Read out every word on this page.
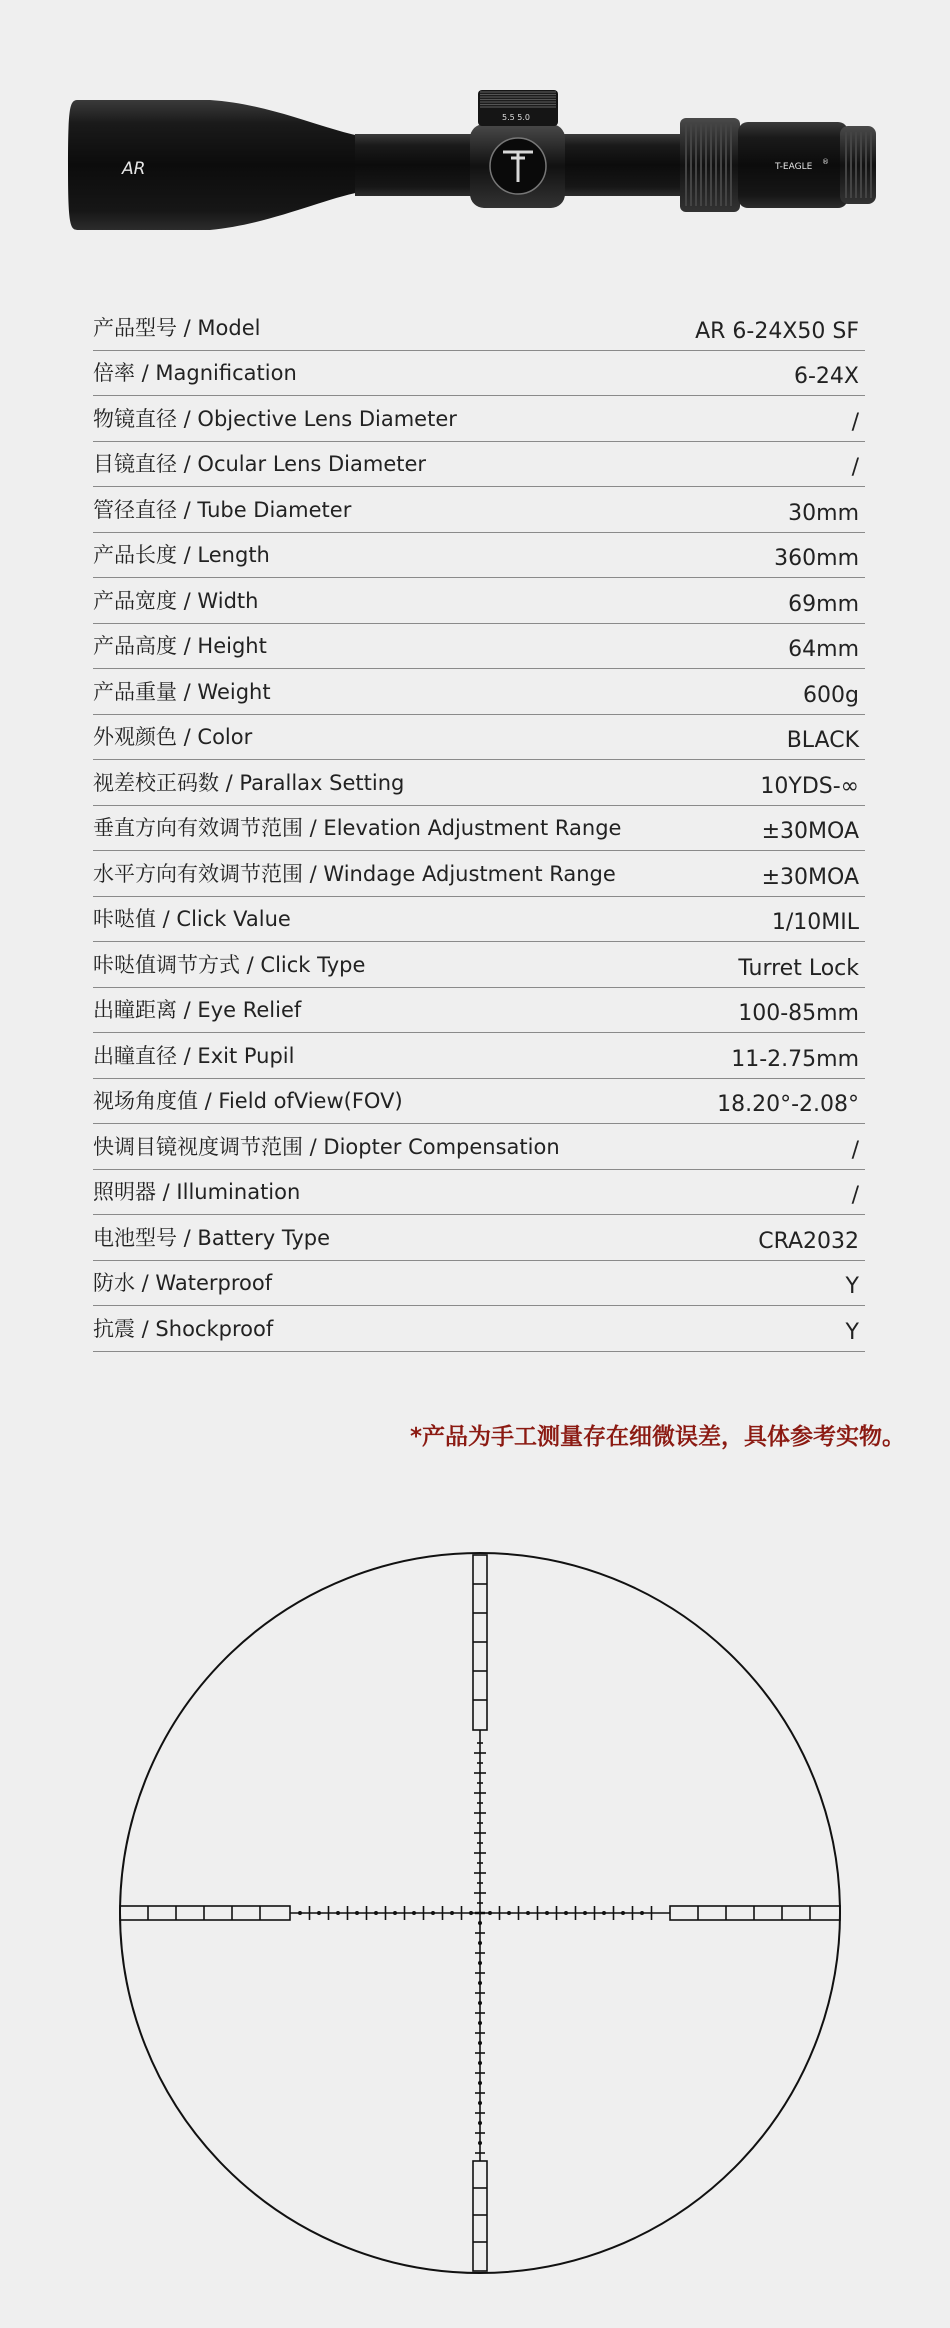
5.5 5.0
AR	T-EAGLE ®
产品型号 / Model	AR 6-24X50 SF
倍率 / Magnification	6-24X
物镜直径 / Objective Lens Diameter	/
目镜直径 / Ocular Lens Diameter	/
管径直径 / Tube Diameter	30mm
产品长度 / Length	360mm
产品宽度 / Width	69mm
产品高度 / Height	64mm
产品重量 / Weight	600g
外观颜色 / Color	BLACK
视差校正码数 / Parallax Setting	10YDS-∞
垂直方向有效调节范围 / Elevation Adjustment Range	±30MOA
水平方向有效调节范围 / Windage Adjustment Range	±30MOA
咔哒值 / Click Value	1/10MIL
咔哒值调节方式 / Click Type	Turret Lock
出瞳距离 / Eye Relief	100-85mm
出瞳直径 / Exit Pupil	11-2.75mm
视场角度值 / Field ofView(FOV)	18.20°-2.08°
快调目镜视度调节范围 / Diopter Compensation	/
照明器 / Illumination	/
电池型号 / Battery Type	CRA2032
防水 / Waterproof	Y
抗震 / Shockproof	Y
*产品为手工测量存在细微误差，具体参考实物。
